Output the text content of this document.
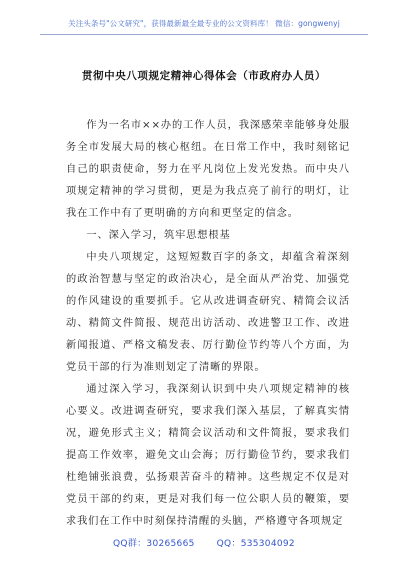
关注头条号"公文研究"，获得最新最全最专业的公文资料库！ 微信：gongwenyj
贯彻中央八项规定精神心得体会（市政府办人员）

作为一名市××办的工作人员，我深感荣幸能够身处服务全市发展大局的核心枢纽。在日常工作中，我时刻铭记自己的职责使命，努力在平凡岗位上发光发热。而中央八项规定精神的学习贯彻，更是为我点亮了前行的明灯，让我在工作中有了更明确的方向和更坚定的信念。

一、深入学习，筑牢思想根基

中央八项规定，这短短数百字的条文，却蕴含着深刻的政治智慧与坚定的政治决心，是全面从严治党、加强党的作风建设的重要抓手。它从改进调查研究、精简会议活动、精简文件简报、规范出访活动、改进警卫工作、改进新闻报道、严格文稿发表、厉行勤俭节约等八个方面，为党员干部的行为准则划定了清晰的界限。

通过深入学习，我深刻认识到中央八项规定精神的核心要义。改进调查研究，要求我们深入基层，了解真实情况，避免形式主义；精简会议活动和文件简报，要求我们提高工作效率，避免文山会海；厉行勤俭节约，要求我们杜绝铺张浪费，弘扬艰苦奋斗的精神。这些规定不仅是对党员干部的约束，更是对我们每一位公职人员的鞭策，要求我们在工作中时刻保持清醒的头脑，严格遵守各项规定

QQ群：30265665 QQ：535304092
